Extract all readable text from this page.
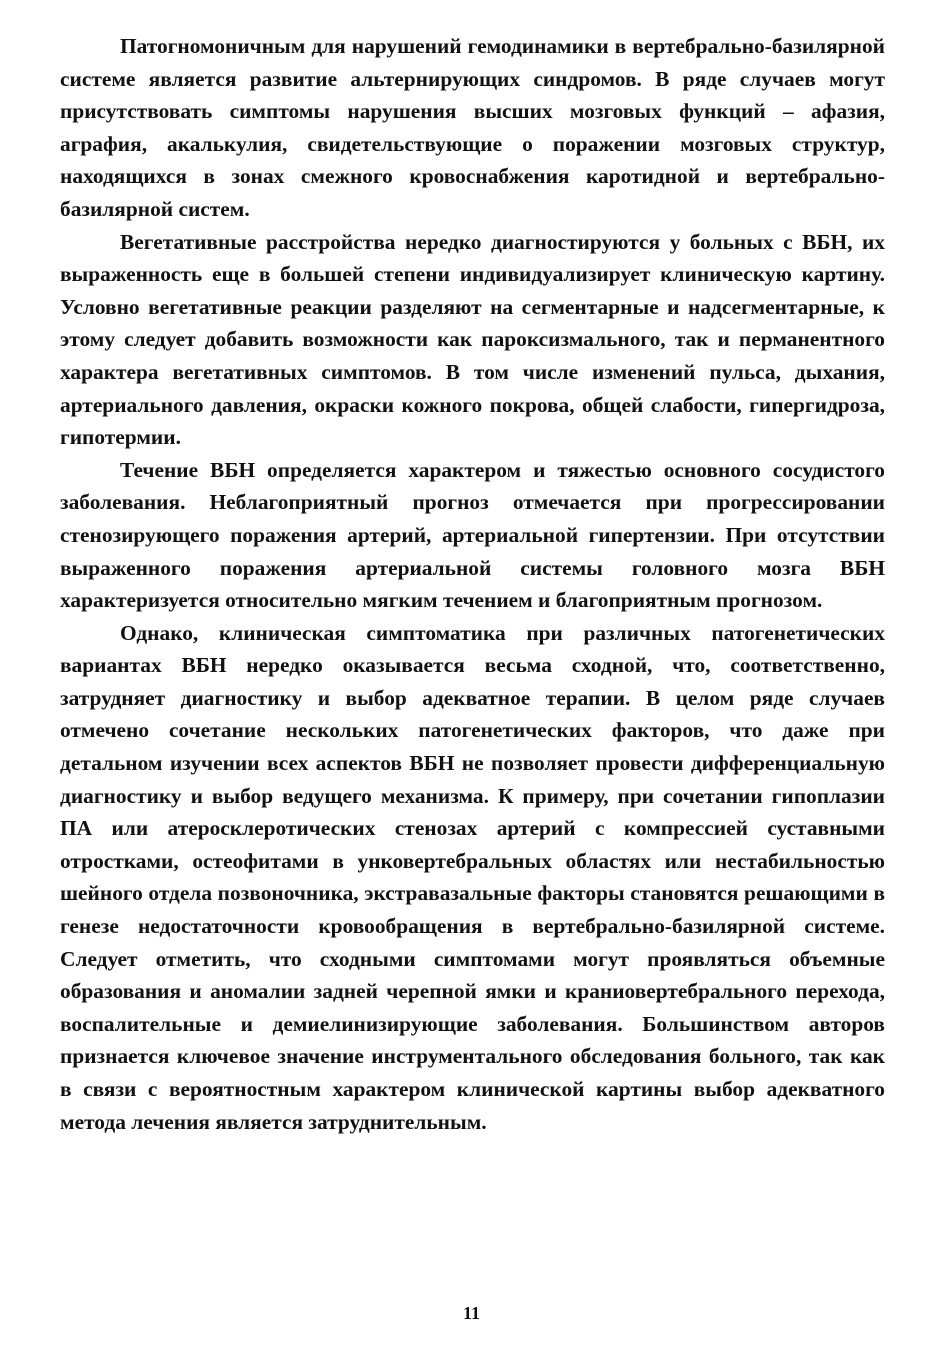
Патогномоничным для нарушений гемодинамики в вертебрально-базилярной системе является развитие альтернирующих синдромов. В ряде случаев могут присутствовать симптомы нарушения высших мозговых функций – афазия, аграфия, акалькулия, свидетельствующие о поражении мозговых структур, находящихся в зонах смежного кровоснабжения каротидной и вертебрально-базилярной систем.

Вегетативные расстройства нередко диагностируются у больных с ВБН, их выраженность еще в большей степени индивидуализирует клиническую картину. Условно вегетативные реакции разделяют на сегментарные и надсегментарные, к этому следует добавить возможности как пароксизмального, так и перманентного характера вегетативных симптомов. В том числе изменений пульса, дыхания, артериального давления, окраски кожного покрова, общей слабости, гипергидроза, гипотермии.

Течение ВБН определяется характером и тяжестью основного сосудистого заболевания. Неблагоприятный прогноз отмечается при прогрессировании стенозирующего поражения артерий, артериальной гипертензии. При отсутствии выраженного поражения артериальной системы головного мозга ВБН характеризуется относительно мягким течением и благоприятным прогнозом.

Однако, клиническая симптоматика при различных патогенетических вариантах ВБН нередко оказывается весьма сходной, что, соответственно, затрудняет диагностику и выбор адекватное терапии. В целом ряде случаев отмечено сочетание нескольких патогенетических факторов, что даже при детальном изучении всех аспектов ВБН не позволяет провести дифференциальную диагностику и выбор ведущего механизма. К примеру, при сочетании гипоплазии ПА или атеросклеротических стенозах артерий с компрессией суставными отростками, остеофитами в унковертебральных областях или нестабильностью шейного отдела позвоночника, экстравазальные факторы становятся решающими в генезе недостаточности кровообращения в вертебрально-базилярной системе. Следует отметить, что сходными симптомами могут проявляться объемные образования и аномалии задней черепной ямки и краниовертебрального перехода, воспалительные и демиелинизирующие заболевания. Большинством авторов признается ключевое значение инструментального обследования больного, так как в связи с вероятностным характером клинической картины выбор адекватного метода лечения является затруднительным.

11
